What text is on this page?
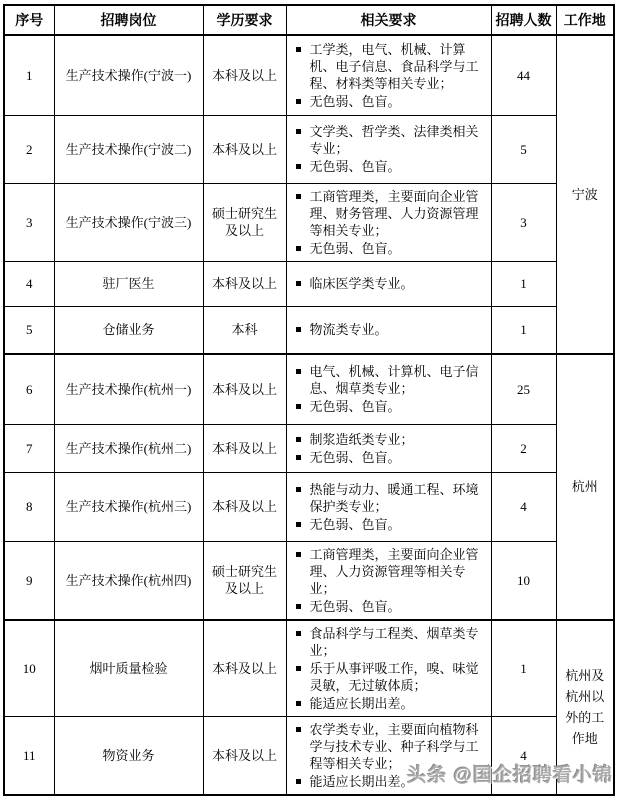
序号	招聘岗位	学历要求	相关要求	招聘人数	工作地
1	生产技术操作(宁波一)	本科及以上	工学类，电气、机械、计算机、电子信息、食品科学与工程、材料类等相关专业；
无色弱、色盲。	44	宁波
2	生产技术操作(宁波二)	本科及以上	文学类、哲学类、法律类相关专业；
无色弱、色盲。	5	
3	生产技术操作(宁波三)	硕士研究生及以上	工商管理类，主要面向企业管理、财务管理、人力资源管理等相关专业；
无色弱、色盲。	3	
4	驻厂医生	本科及以上	临床医学类专业。	1	
5	仓储业务	本科	物流类专业。	1	
6	生产技术操作(杭州一)	本科及以上	电气、机械、计算机、电子信息、烟草类专业；
无色弱、色盲。	25	杭州
7	生产技术操作(杭州二)	本科及以上	制浆造纸类专业；
无色弱、色盲。	2	
8	生产技术操作(杭州三)	本科及以上	热能与动力、暖通工程、环境保护类专业；
无色弱、色盲。	4	
9	生产技术操作(杭州四)	硕士研究生及以上	工商管理类，主要面向企业管理、人力资源管理等相关专业；
无色弱、色盲。	10	
10	烟叶质量检验	本科及以上	食品科学与工程类、烟草类专业；
乐于从事评吸工作，嗅、味觉灵敏，无过敏体质；
能适应长期出差。	1	杭州及杭州以外的工作地
11	物资业务	本科及以上	农学类专业，主要面向植物科学与技术专业、种子科学与工程等相关专业；
能适应长期出差。	4	
头条 @国企招聘看小锦
